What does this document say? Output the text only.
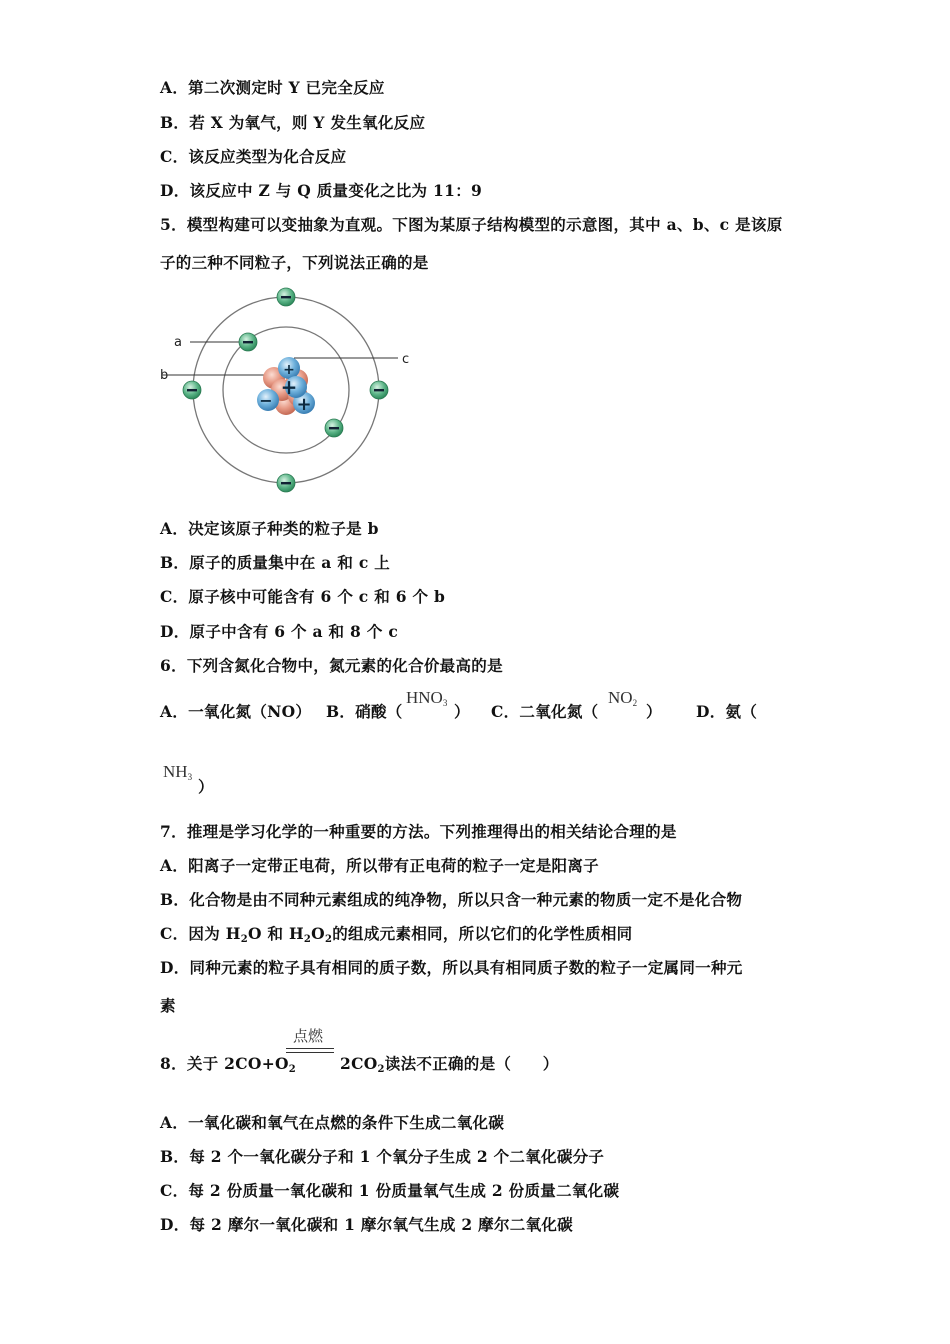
A．第二次测定时 Y 已完全反应
B．若 X 为氧气，则 Y 发生氧化反应
C．该反应类型为化合反应
D．该反应中 Z 与 Q 质量变化之比为 11：9
5．模型构建可以变抽象为直观。下图为某原子结构模型的示意图，其中 a、b、c 是该原
子的三种不同粒子，下列说法正确的是
a
b
c
+
+
−
+
A．决定该原子种类的粒子是 b
B．原子的质量集中在 a 和 c 上
C．原子核中可能含有 6 个 c 和 6 个 b
D．原子中含有 6 个 a 和 8 个 c
6．下列含氮化合物中，氮元素的化合价最高的是
A．一氧化氮（NO） B．硝酸（
$HNO_3$ ） C．二氧化氮（
$NO_2$ ） D．氨（
$NH_3$ ）
7．推理是学习化学的一种重要的方法。下列推理得出的相关结论合理的是
A．阳离子一定带正电荷，所以带有正电荷的粒子一定是阳离子
B．化合物是由不同种元素组成的纯净物，所以只含一种元素的物质一定不是化合物
C．因为 H2O 和 H2O2的组成元素相同，所以它们的化学性质相同
D．同种元素的粒子具有相同的质子数，所以具有相同质子数的粒子一定属同一种元
素
8．关于 2CO+O2
点燃
2CO2读法不正确的是（　　）
A．一氧化碳和氧气在点燃的条件下生成二氧化碳
B．每 2 个一氧化碳分子和 1 个氧分子生成 2 个二氧化碳分子
C．每 2 份质量一氧化碳和 1 份质量氧气生成 2 份质量二氧化碳
D．每 2 摩尔一氧化碳和 1 摩尔氧气生成 2 摩尔二氧化碳
